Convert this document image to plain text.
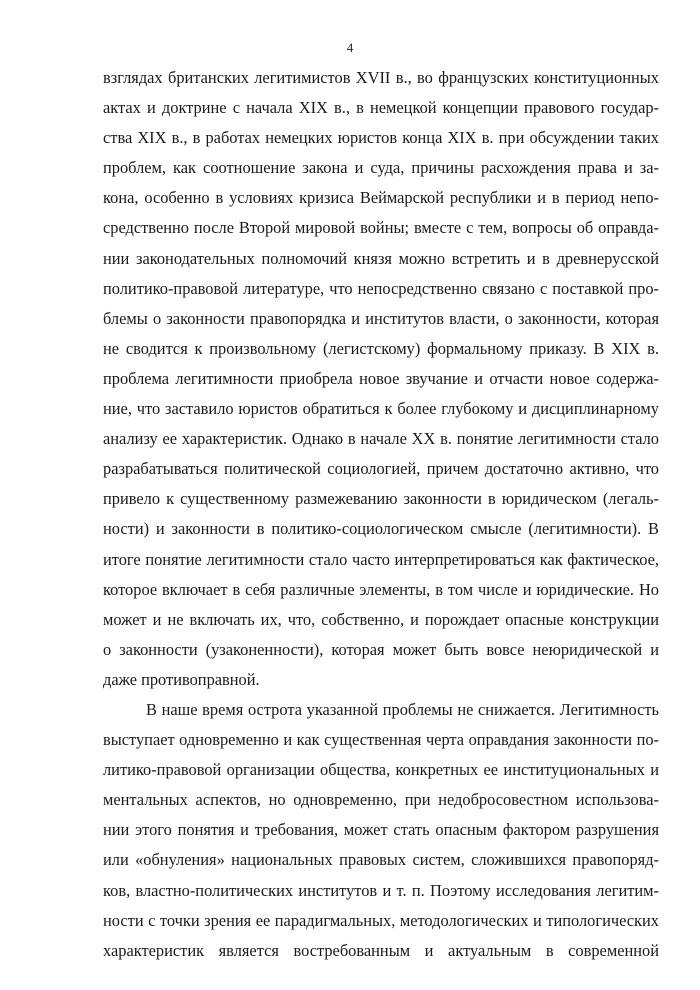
4
взглядах британских легитимистов XVII в., во французских конституционных
актах и доктрине с начала XIX в., в немецкой концепции правового государ-
ства XIX в., в работах немецких юристов конца XIX в. при обсуждении таких
проблем, как соотношение закона и суда, причины расхождения права и за-
кона, особенно в условиях кризиса Веймарской республики и в период непо-
средственно после Второй мировой войны; вместе с тем, вопросы об оправда-
нии законодательных полномочий князя можно встретить и в древнерусской
политико-правовой литературе, что непосредственно связано с поставкой про-
блемы о законности правопорядка и институтов власти, о законности, которая
не сводится к произвольному (легистскому) формальному приказу. В XIX в.
проблема легитимности приобрела новое звучание и отчасти новое содержа-
ние, что заставило юристов обратиться к более глубокому и дисциплинарному
анализу ее характеристик. Однако в начале XX в. понятие легитимности стало
разрабатываться политической социологией, причем достаточно активно, что
привело к существенному размежеванию законности в юридическом (легаль-
ности) и законности в политико-социологическом смысле (легитимности). В
итоге понятие легитимности стало часто интерпретироваться как фактическое,
которое включает в себя различные элементы, в том числе и юридические. Но
может и не включать их, что, собственно, и порождает опасные конструкции
о законности (узаконенности), которая может быть вовсе неюридической и
даже противоправной.
В наше время острота указанной проблемы не снижается. Легитимность
выступает одновременно и как существенная черта оправдания законности по-
литико-правовой организации общества, конкретных ее институциональных и
ментальных аспектов, но одновременно, при недобросовестном использова-
нии этого понятия и требования, может стать опасным фактором разрушения
или «обнуления» национальных правовых систем, сложившихся правопоряд-
ков, властно-политических институтов и т. п. Поэтому исследования легитим-
ности с точки зрения ее парадигмальных, методологических и типологических
характеристик является востребованным и актуальным в современной
